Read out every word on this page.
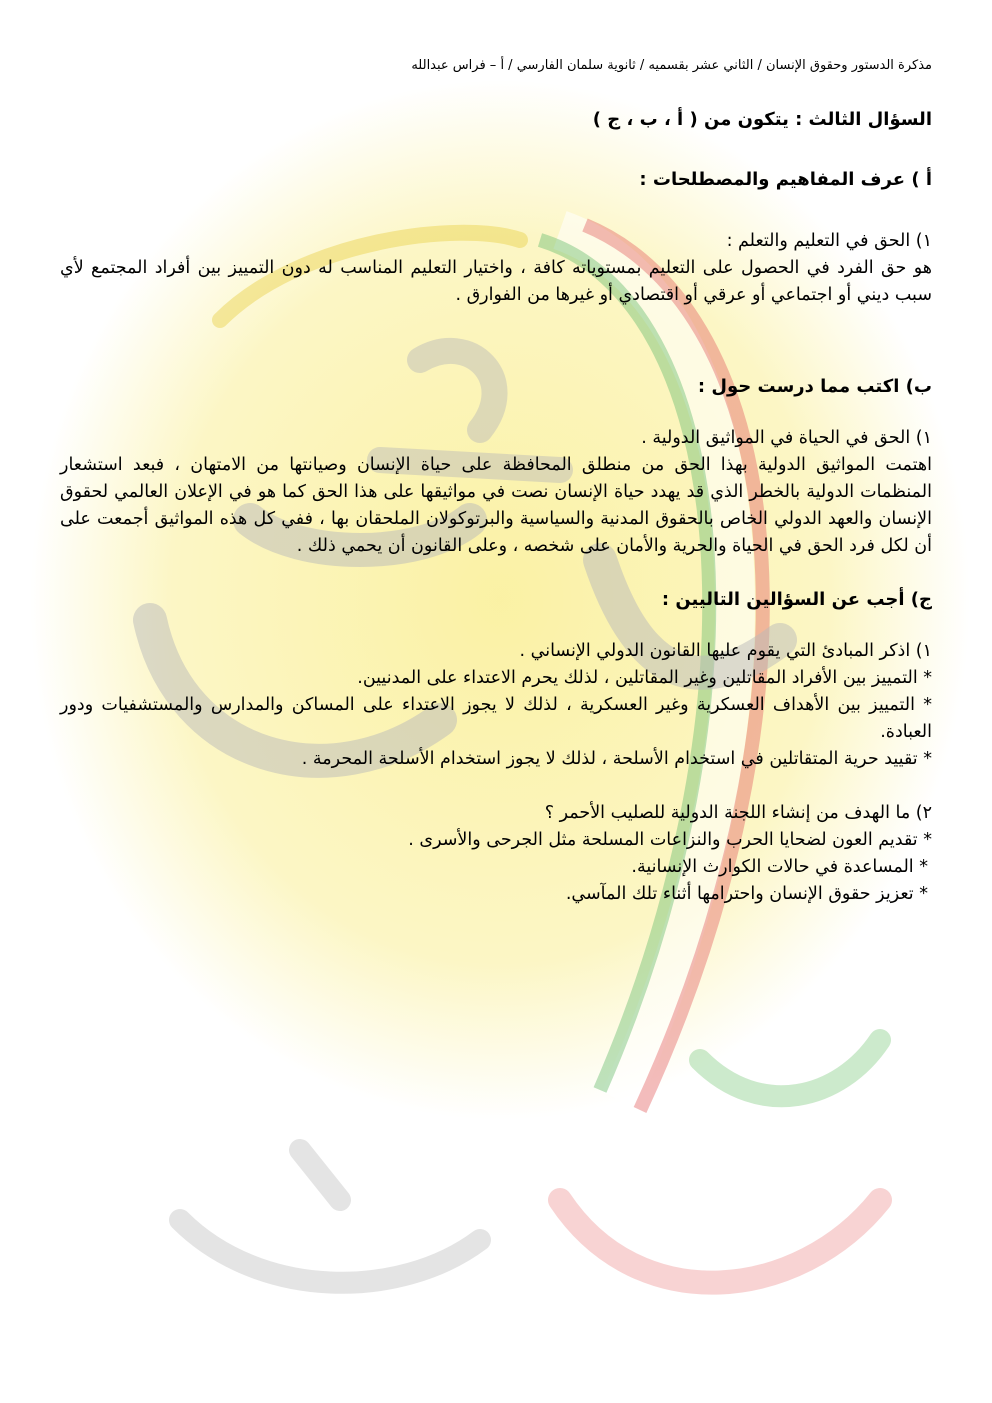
مذكرة الدستور وحقوق الإنسان / الثاني عشر بقسميه / ثانوية سلمان الفارسي / أ – فراس عبدالله
السؤال الثالث : يتكون من ( أ ، ب ، ج )
أ ) عرف المفاهيم والمصطلحات :

١) الحق في التعليم والتعلم :

هو حق الفرد في الحصول على التعليم بمستوياته كافة ، واختيار التعليم المناسب له دون التمييز بين أفراد المجتمع لأي سبب ديني أو اجتماعي أو عرقي أو اقتصادي أو غيرها من الفوارق .

ب) اكتب مما درست حول :

١) الحق في الحياة في المواثيق الدولية .

اهتمت المواثيق الدولية بهذا الحق من منطلق المحافظة على حياة الإنسان وصيانتها من الامتهان ، فبعد استشعار المنظمات الدولية بالخطر الذي قد يهدد حياة الإنسان نصت في مواثيقها على هذا الحق كما هو في الإعلان العالمي لحقوق الإنسان والعهد الدولي الخاص بالحقوق المدنية والسياسية والبرتوكولان الملحقان بها ، ففي كل هذه المواثيق أجمعت على أن لكل فرد الحق في الحياة والحرية والأمان على شخصه ، وعلى القانون أن يحمي ذلك .

ج) أجب عن السؤالين التاليين :

١) اذكر المبادئ التي يقوم عليها القانون الدولي الإنساني .

* التمييز بين الأفراد المقاتلين وغير المقاتلين ، لذلك يحرم الاعتداء على المدنيين.

* التمييز بين الأهداف العسكرية وغير العسكرية ، لذلك لا يجوز الاعتداء على المساكن والمدارس والمستشفيات ودور العبادة.

* تقييد حرية المتقاتلين في استخدام الأسلحة ، لذلك لا يجوز استخدام الأسلحة المحرمة .

٢) ما الهدف من إنشاء اللجنة الدولية للصليب الأحمر ؟

* تقديم العون لضحايا الحرب والنزاعات المسلحة مثل الجرحى والأسرى .

* المساعدة في حالات الكوارث الإنسانية.

* تعزيز حقوق الإنسان واحترامها أثناء تلك المآسي.
